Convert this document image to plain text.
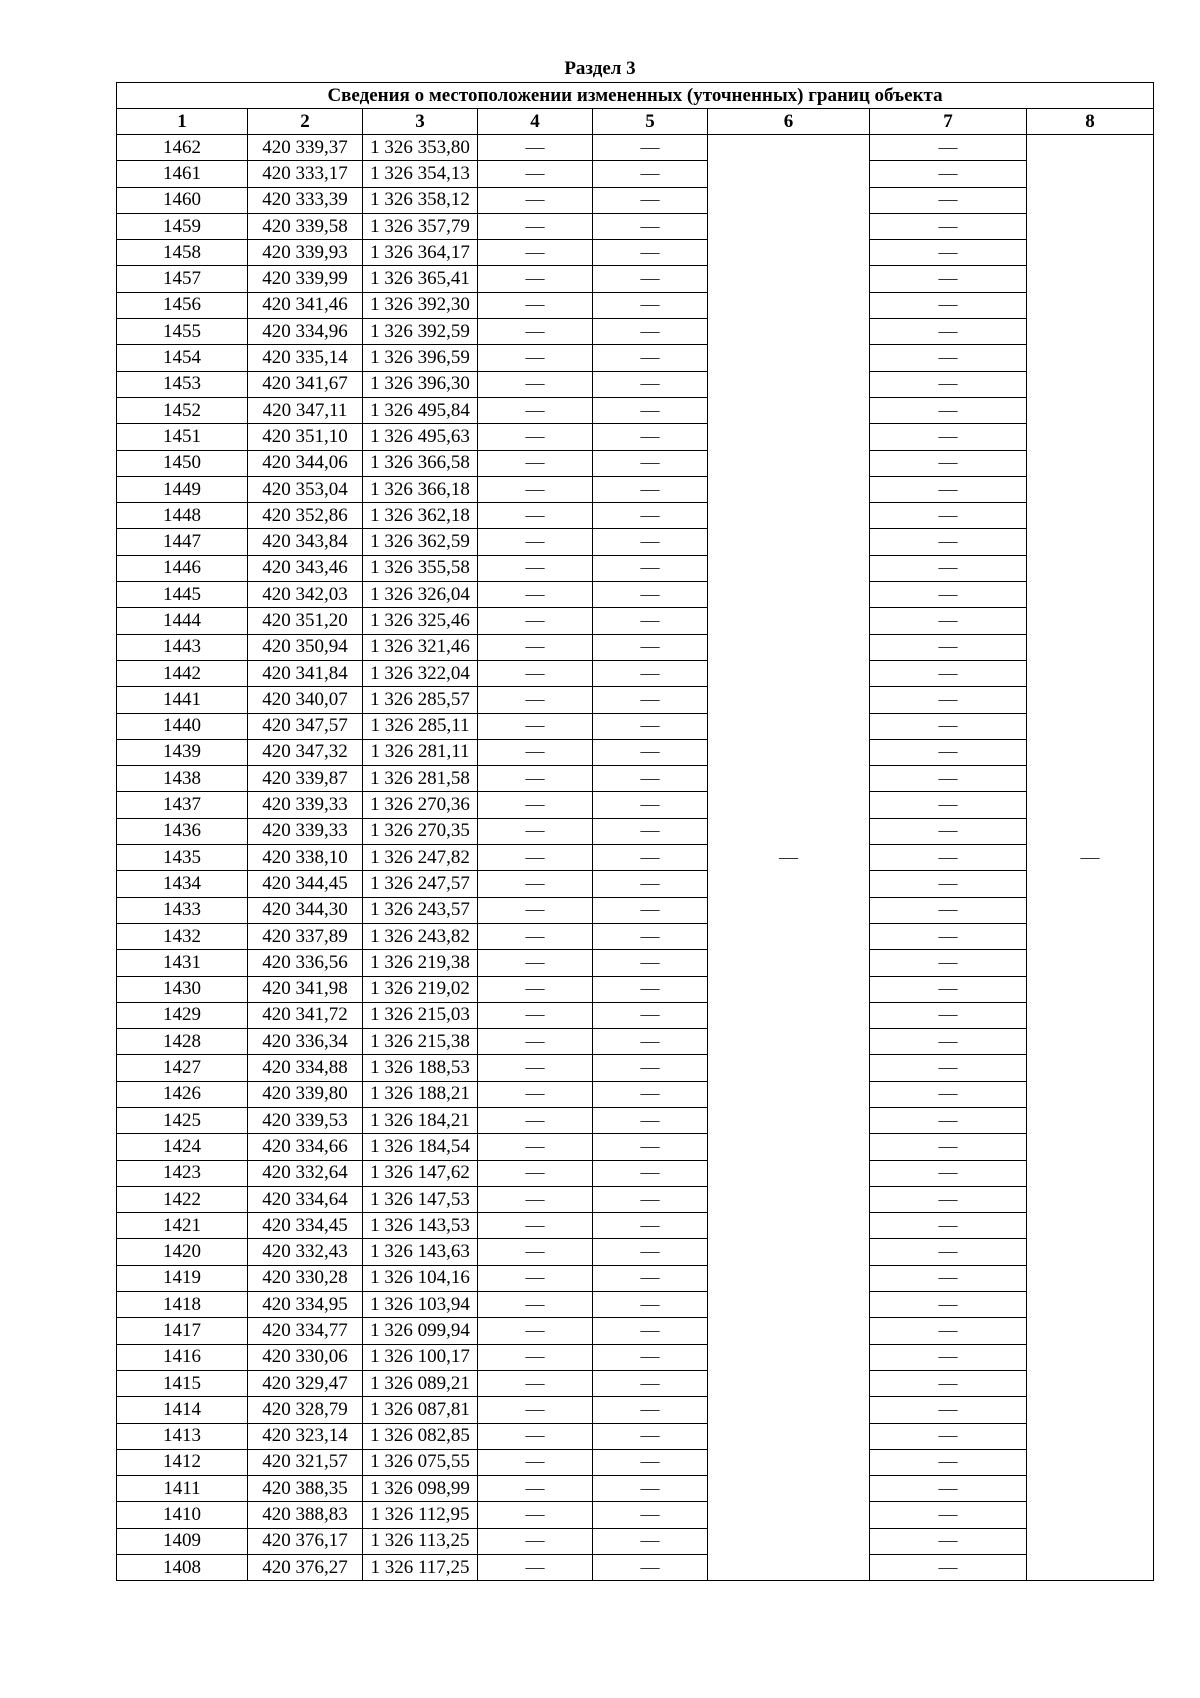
Раздел 3
Сведения о местоположении измененных (уточненных) границ объекта							
1	2	3	4	5	6	7	8
1462	420 339,37	1 326 353,80	—	—	—	—	—
1461	420 333,17	1 326 354,13	—	—		—	
1460	420 333,39	1 326 358,12	—	—		—	
1459	420 339,58	1 326 357,79	—	—		—	
1458	420 339,93	1 326 364,17	—	—		—	
1457	420 339,99	1 326 365,41	—	—		—	
1456	420 341,46	1 326 392,30	—	—		—	
1455	420 334,96	1 326 392,59	—	—		—	
1454	420 335,14	1 326 396,59	—	—		—	
1453	420 341,67	1 326 396,30	—	—		—	
1452	420 347,11	1 326 495,84	—	—		—	
1451	420 351,10	1 326 495,63	—	—		—	
1450	420 344,06	1 326 366,58	—	—		—	
1449	420 353,04	1 326 366,18	—	—		—	
1448	420 352,86	1 326 362,18	—	—		—	
1447	420 343,84	1 326 362,59	—	—		—	
1446	420 343,46	1 326 355,58	—	—		—	
1445	420 342,03	1 326 326,04	—	—		—	
1444	420 351,20	1 326 325,46	—	—		—	
1443	420 350,94	1 326 321,46	—	—		—	
1442	420 341,84	1 326 322,04	—	—		—	
1441	420 340,07	1 326 285,57	—	—		—	
1440	420 347,57	1 326 285,11	—	—		—	
1439	420 347,32	1 326 281,11	—	—		—	
1438	420 339,87	1 326 281,58	—	—		—	
1437	420 339,33	1 326 270,36	—	—		—	
1436	420 339,33	1 326 270,35	—	—		—	
1435	420 338,10	1 326 247,82	—	—		—	
1434	420 344,45	1 326 247,57	—	—		—	
1433	420 344,30	1 326 243,57	—	—		—	
1432	420 337,89	1 326 243,82	—	—		—	
1431	420 336,56	1 326 219,38	—	—		—	
1430	420 341,98	1 326 219,02	—	—		—	
1429	420 341,72	1 326 215,03	—	—		—	
1428	420 336,34	1 326 215,38	—	—		—	
1427	420 334,88	1 326 188,53	—	—		—	
1426	420 339,80	1 326 188,21	—	—		—	
1425	420 339,53	1 326 184,21	—	—		—	
1424	420 334,66	1 326 184,54	—	—		—	
1423	420 332,64	1 326 147,62	—	—		—	
1422	420 334,64	1 326 147,53	—	—		—	
1421	420 334,45	1 326 143,53	—	—		—	
1420	420 332,43	1 326 143,63	—	—		—	
1419	420 330,28	1 326 104,16	—	—		—	
1418	420 334,95	1 326 103,94	—	—		—	
1417	420 334,77	1 326 099,94	—	—		—	
1416	420 330,06	1 326 100,17	—	—		—	
1415	420 329,47	1 326 089,21	—	—		—	
1414	420 328,79	1 326 087,81	—	—		—	
1413	420 323,14	1 326 082,85	—	—		—	
1412	420 321,57	1 326 075,55	—	—		—	
1411	420 388,35	1 326 098,99	—	—		—	
1410	420 388,83	1 326 112,95	—	—		—	
1409	420 376,17	1 326 113,25	—	—		—	
1408	420 376,27	1 326 117,25	—	—		—	
